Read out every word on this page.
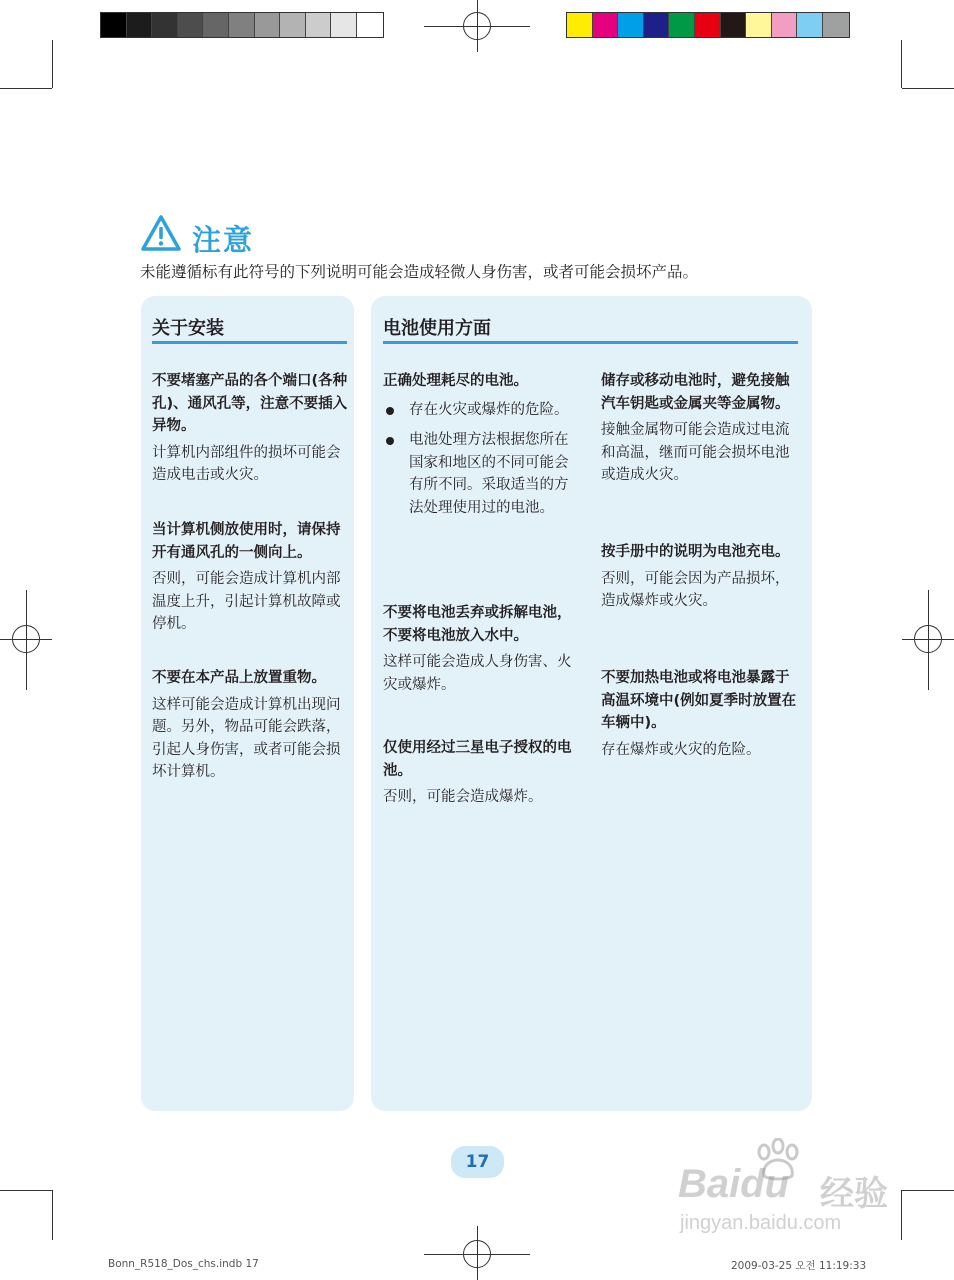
注意
未能遵循标有此符号的下列说明可能会造成轻微人身伤害，或者可能会损坏产品。
关于安装
不要堵塞产品的各个端口(各种孔)、通风孔等，注意不要插入异物。
计算机内部组件的损坏可能会造成电击或火灾。
当计算机侧放使用时，请保持开有通风孔的一侧向上。
否则，可能会造成计算机内部温度上升，引起计算机故障或停机。
不要在本产品上放置重物。
这样可能会造成计算机出现问题。另外，物品可能会跌落，引起人身伤害，或者可能会损坏计算机。
电池使用方面
正确处理耗尽的电池。
存在火灾或爆炸的危险。
电池处理方法根据您所在国家和地区的不同可能会有所不同。采取适当的方法处理使用过的电池。
不要将电池丢弃或拆解电池，不要将电池放入水中。
这样可能会造成人身伤害、火灾或爆炸。
仅使用经过三星电子授权的电池。
否则，可能会造成爆炸。
储存或移动电池时，避免接触汽车钥匙或金属夹等金属物。
接触金属物可能会造成过电流和高温，继而可能会损坏电池或造成火灾。
按手册中的说明为电池充电。
否则，可能会因为产品损坏，造成爆炸或火灾。
不要加热电池或将电池暴露于高温环境中(例如夏季时放置在车辆中)。
存在爆炸或火灾的危险。
17
Bonn_R518_Dos_chs.indb 17	2009-03-25 오전 11:19:33
Baidu 经验
jingyan.baidu.com
